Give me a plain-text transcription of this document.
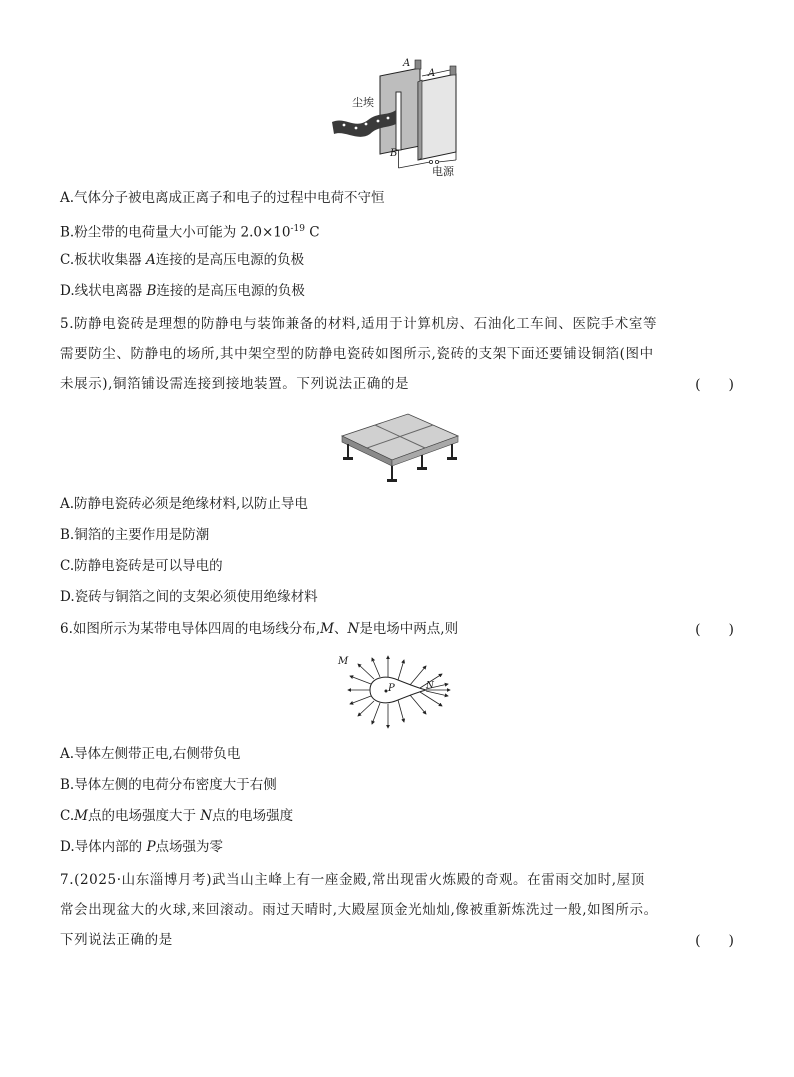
尘埃
A
A
B
电源
A.气体分子被电离成正离子和电子的过程中电荷不守恒
B.粉尘带的电荷量大小可能为 $2.0\times 10^{-19}$ C
C.板状收集器 A连接的是高压电源的负极
D.线状电离器 B连接的是高压电源的负极
5.防静电瓷砖是理想的防静电与装饰兼备的材料,适用于计算机房、石油化工车间、医院手术室等
需要防尘、防静电的场所,其中架空型的防静电瓷砖如图所示,瓷砖的支架下面还要铺设铜箔(图中
未展示),铜箔铺设需连接到接地装置。下列说法正确的是	(　　)
A.防静电瓷砖必须是绝缘材料,以防止导电
B.铜箔的主要作用是防潮
C.防静电瓷砖是可以导电的
D.瓷砖与铜箔之间的支架必须使用绝缘材料
6.如图所示为某带电导体四周的电场线分布,M、N是电场中两点,则	(　　)
M
P	N
A.导体左侧带正电,右侧带负电
B.导体左侧的电荷分布密度大于右侧
C.M点的电场强度大于 N点的电场强度
D.导体内部的 P点场强为零
7.(2025·山东淄博月考)武当山主峰上有一座金殿,常出现雷火炼殿的奇观。在雷雨交加时,屋顶
常会出现盆大的火球,来回滚动。雨过天晴时,大殿屋顶金光灿灿,像被重新炼洗过一般,如图所示。
下列说法正确的是	(　　)
